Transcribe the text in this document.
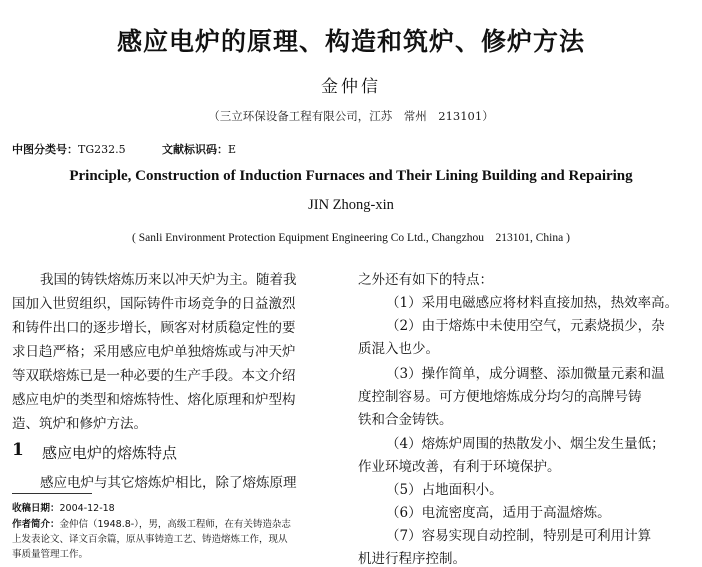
感应电炉的原理、构造和筑炉、修炉方法
金仲信
（三立环保设备工程有限公司，江苏　常州　213101）
中图分类号：TG232.5	文献标识码：E
Principle, Construction of Induction Furnaces and Their Lining Building and Repairing
JIN Zhong-xin
( Sanli Environment Protection Equipment Engineering Co Ltd., Changzhou　213101, China )
我国的铸铁熔炼历来以冲天炉为主。随着我
国加入世贸组织，国际铸件市场竞争的日益激烈
和铸件出口的逐步增长，顾客对材质稳定性的要
求日趋严格；采用感应电炉单独熔炼或与冲天炉
等双联熔炼已是一种必要的生产手段。本文介绍
感应电炉的类型和熔炼特性、熔化原理和炉型构
造、筑炉和修炉方法。
1 感应电炉的熔炼特点
感应电炉与其它熔炼炉相比，除了熔炼原理
收稿日期：2004-12-18
作者简介：金仲信（1948.8-），男，高级工程师，在有关铸造杂志
上发表论文、译文百余篇，原从事铸造工艺、铸造熔炼工作，现从
事质量管理工作。
之外还有如下的特点：
（1）采用电磁感应将材料直接加热，热效率高。
（2）由于熔炼中未使用空气，元素烧损少，杂
质混入也少。
（3）操作简单，成分调整、添加微量元素和温
度控制容易。可方便地熔炼成分均匀的高牌号铸
铁和合金铸铁。
（4）熔炼炉周围的热散发小、烟尘发生量低；
作业环境改善，有利于环境保护。
（5）占地面积小。
（6）电流密度高，适用于高温熔炼。
（7）容易实现自动控制，特别是可利用计算
机进行程序控制。
